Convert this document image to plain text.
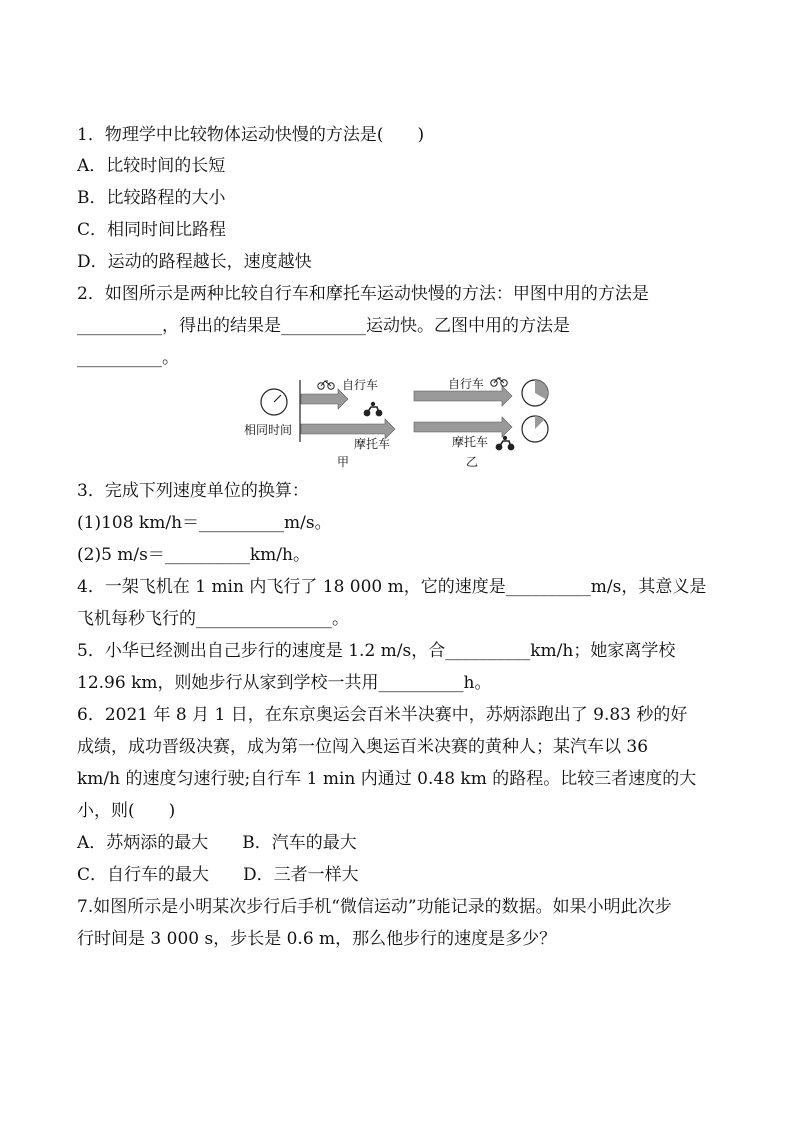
1．物理学中比较物体运动快慢的方法是(　　)
A．比较时间的长短
B．比较路程的大小
C．相同时间比路程
D．运动的路程越长，速度越快
2．如图所示是两种比较自行车和摩托车运动快慢的方法：甲图中用的方法是
__________，得出的结果是__________运动快。乙图中用的方法是
__________。
相同时间
自行车
摩托车
甲
自行车
摩托车
乙
3．完成下列速度单位的换算：
(1)108 km/h＝__________m/s。
(2)5 m/s＝__________km/h。
4．一架飞机在 1 min 内飞行了 18 000 m，它的速度是__________m/s，其意义是
飞机每秒飞行的________________。
5．小华已经测出自己步行的速度是 1.2 m/s，合__________km/h；她家离学校
12.96 km，则她步行从家到学校一共用__________h。
6．2021 年 8 月 1 日，在东京奥运会百米半决赛中，苏炳添跑出了 9.83 秒的好
成绩，成功晋级决赛，成为第一位闯入奥运百米决赛的黄种人；某汽车以 36
km/h 的速度匀速行驶;自行车 1 min 内通过 0.48 km 的路程。比较三者速度的大
小，则(　　)
A．苏炳添的最大　　B．汽车的最大
C．自行车的最大　　D．三者一样大
7.如图所示是小明某次步行后手机“微信运动”功能记录的数据。如果小明此次步
行时间是 3 000 s，步长是 0.6 m，那么他步行的速度是多少？
